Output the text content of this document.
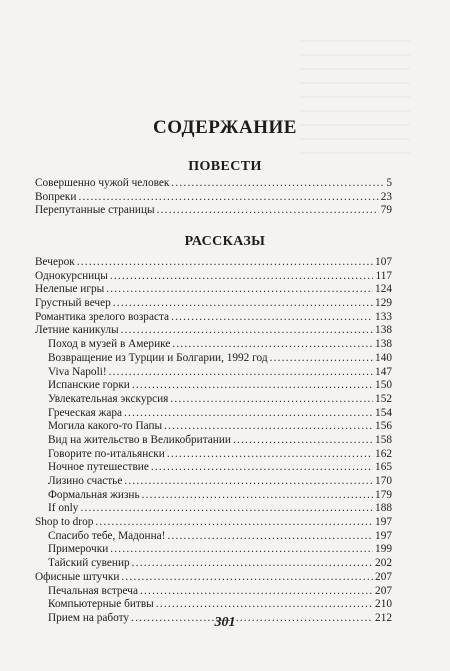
СОДЕРЖАНИЕ
ПОВЕСТИ
Совершенно чужой человек .....	5
Вопреки .....	23
Перепутанные страницы .....	79
РАССКАЗЫ
Вечерок .....	107
Однокурсницы .....	117
Нелепые игры .....	124
Грустный вечер .....	129
Романтика зрелого возраста .....	133
Летние каникулы .....	138
Поход в музей в Америке .....	138
Возвращение из Турции и Болгарии, 1992 год .....	140
Viva Napoli! .....	147
Испанские горки .....	150
Увлекательная экскурсия .....	152
Греческая жара .....	154
Могила какого-то Папы .....	156
Вид на жительство в Великобритании .....	158
Говорите по-итальянски .....	162
Ночное путешествие .....	165
Лизино счастье .....	170
Формальная жизнь .....	179
If only .....	188
Shop to drop .....	197
Спасибо тебе, Мадонна! .....	197
Примерочки .....	199
Тайский сувенир .....	202
Офисные штучки .....	207
Печальная встреча .....	207
Компьютерные битвы .....	210
Прием на работу .....	212
301
